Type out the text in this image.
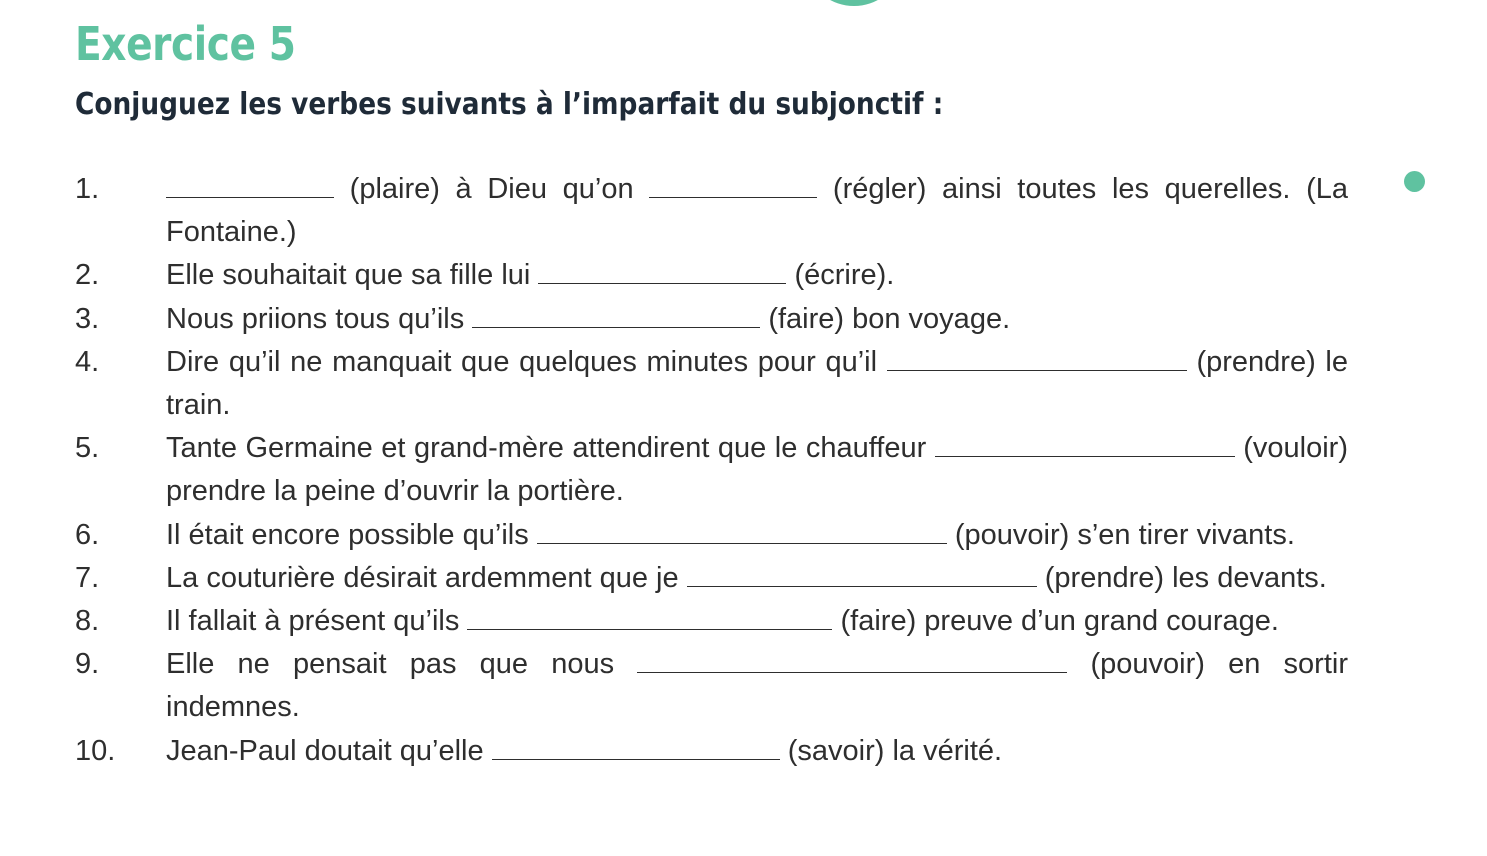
Exercice 5
Conjuguez les verbes suivants à l’imparfait du subjonctif :
1.	(plaire) à Dieu qu’on	(régler) ainsi toutes les querelles. (La Fontaine.)
2.	Elle souhaitait que sa fille lui	(écrire).
3.	Nous priions tous qu’ils	(faire) bon voyage.
4.	Dire qu’il ne manquait que quelques minutes pour qu’il	(prendre) le train.
5.	Tante Germaine et grand-mère attendirent que le chauffeur	(vouloir) prendre la peine d’ouvrir la portière.
6.	Il était encore possible qu’ils	(pouvoir) s’en tirer vivants.
7.	La couturière désirait ardemment que je	(prendre) les devants.
8.	Il fallait à présent qu’ils	(faire) preuve d’un grand courage.
9.	Elle ne pensait pas que nous	(pouvoir) en sortir indemnes.
10.	Jean-Paul doutait qu’elle	(savoir) la vérité.
